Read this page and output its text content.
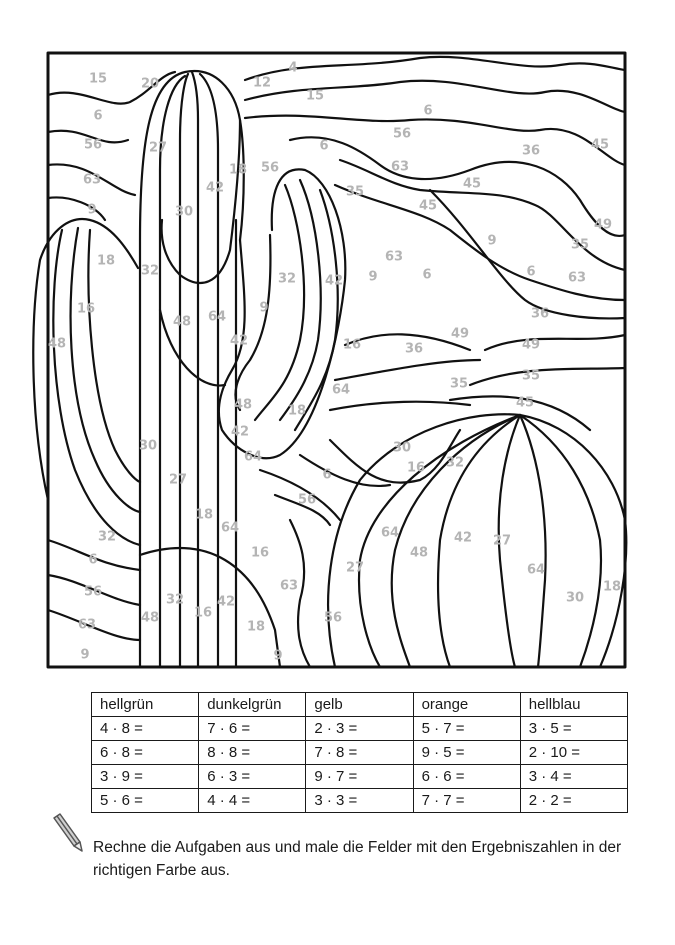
15	20	12
4
15
6	6
56	27
56
6	45
36
18 56	63
63
42	45
35
9	30	45
49
9	35
18	63
32
32 42 9	6	6 63
16	9
64
48
36
49
48	42	16	36	49
64	35
35
48	18
45
42
30	30
64
16 32
6
27
56
18
64	64	42 27
32
48
16
6
27	64
63	18
56
32	42	30
16
48	56
63	18
9	9
hellgrün	dunkelgrün	gelb	orange	hellblau
4 · 8 =	7 · 6 =	2 · 3 =	5 · 7 =	3 · 5 =
6 · 8 =	8 · 8 =	7 · 8 =	9 · 5 =	2 · 10 =
3 · 9 =	6 · 3 =	9 · 7 =	6 · 6 =	3 · 4 =
5 · 6 =	4 · 4 =	3 · 3 =	7 · 7 =	2 · 2 =
Rechne die Aufgaben aus und male die Felder mit den Ergebniszahlen in der richtigen Farbe aus.
